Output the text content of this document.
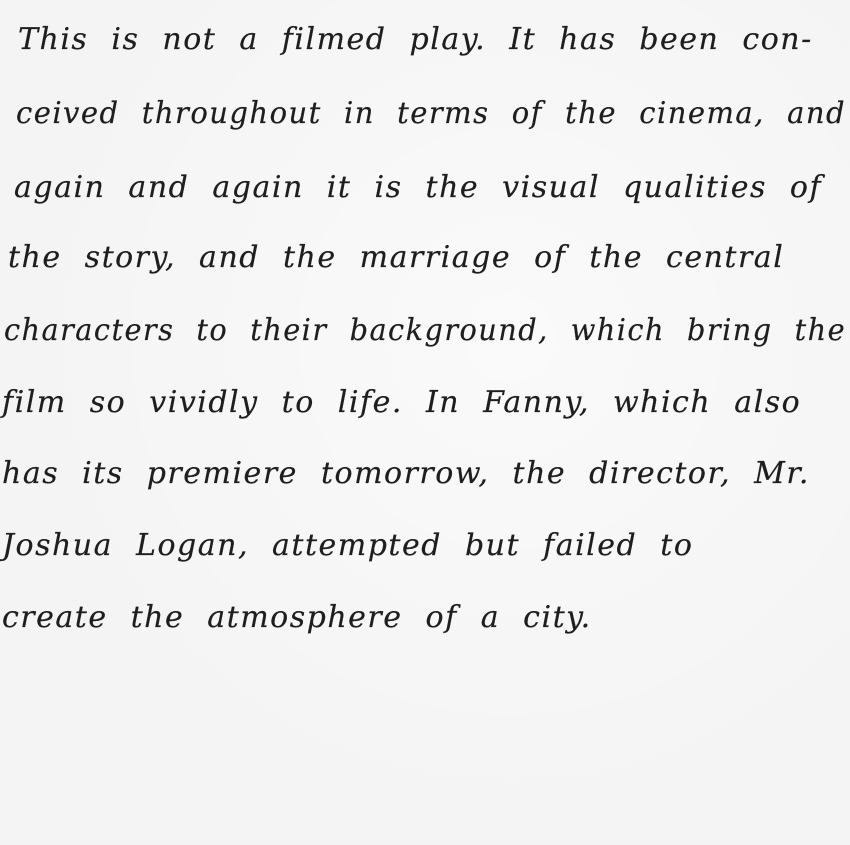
This is not a filmed play. It has been con-

ceived throughout in terms of the cinema, and

again and again it is the visual qualities of

the story, and the marriage of the central

characters to their background, which bring the

film so vividly to life. In Fanny, which also

has its premiere tomorrow, the director, Mr.

Joshua Logan, attempted but failed to

create the atmosphere of a city.
